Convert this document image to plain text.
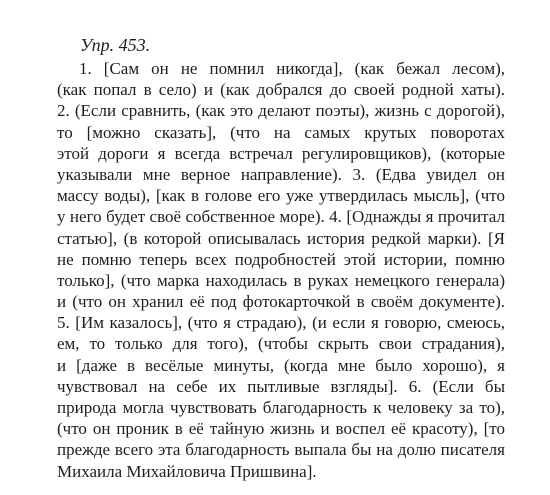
Упр. 453.
1. [Сам он не помнил никогда], (как бежал лесом),
(как попал в село) и (как добрался до своей родной хаты).
2. (Если сравнить, (как это делают поэты), жизнь с дорогой),
то [можно сказать], (что на самых крутых поворотах
этой дороги я всегда встречал регулировщиков), (которые
указывали мне верное направление). 3. (Едва увидел он
массу воды), [как в голове его уже утвердилась мысль], (что
у него будет своё собственное море). 4. [Однажды я прочитал
статью], (в которой описывалась история редкой марки). [Я
не помню теперь всех подробностей этой истории, помню
только], (что марка находилась в руках немецкого генерала)
и (что он хранил её под фотокарточкой в своём документе).
5. [Им казалось], (что я страдаю), (и если я говорю, смеюсь,
ем, то только для того), (чтобы скрыть свои страдания),
и [даже в весёлые минуты, (когда мне было хорошо), я
чувствовал на себе их пытливые взгляды]. 6. (Если бы
природа могла чувствовать благодарность к человеку за то),
(что он проник в её тайную жизнь и воспел её красоту), [то
прежде всего эта благодарность выпала бы на долю писателя
Михаила Михайловича Пришвина].
